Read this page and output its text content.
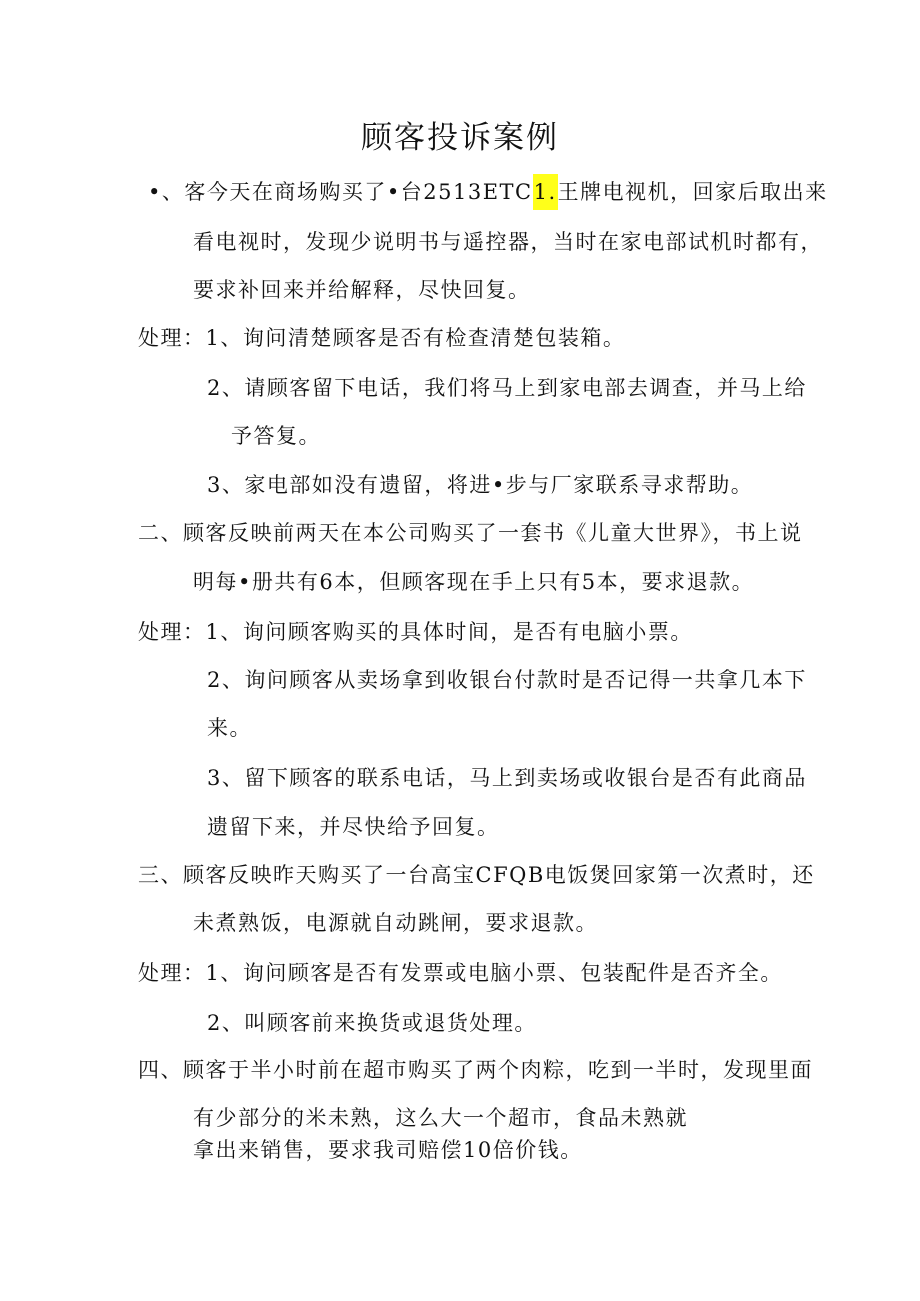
顾客投诉案例
•、客今天在商场购买了•台2513ETC1.王牌电视机，回家后取出来
看电视时，发现少说明书与遥控器，当时在家电部试机时都有，
要求补回来并给解释，尽快回复。
处理：1、询问清楚顾客是否有检查清楚包装箱。
2、请顾客留下电话，我们将马上到家电部去调查，并马上给
予答复。
3、家电部如没有遗留，将进•步与厂家联系寻求帮助。
二、顾客反映前两天在本公司购买了一套书《儿童大世界》，书上说
明每•册共有6本，但顾客现在手上只有5本，要求退款。
处理：1、询问顾客购买的具体时间，是否有电脑小票。
2、询问顾客从卖场拿到收银台付款时是否记得一共拿几本下
来。
3、留下顾客的联系电话，马上到卖场或收银台是否有此商品
遗留下来，并尽快给予回复。
三、顾客反映昨天购买了一台高宝CFQB电饭煲回家第一次煮时，还
未煮熟饭，电源就自动跳闸，要求退款。
处理：1、询问顾客是否有发票或电脑小票、包装配件是否齐全。
2、叫顾客前来换货或退货处理。
四、顾客于半小时前在超市购买了两个肉粽，吃到一半时，发现里面
有少部分的米未熟，这么大一个超市，食品未熟就
拿出来销售，要求我司赔偿10倍价钱。
